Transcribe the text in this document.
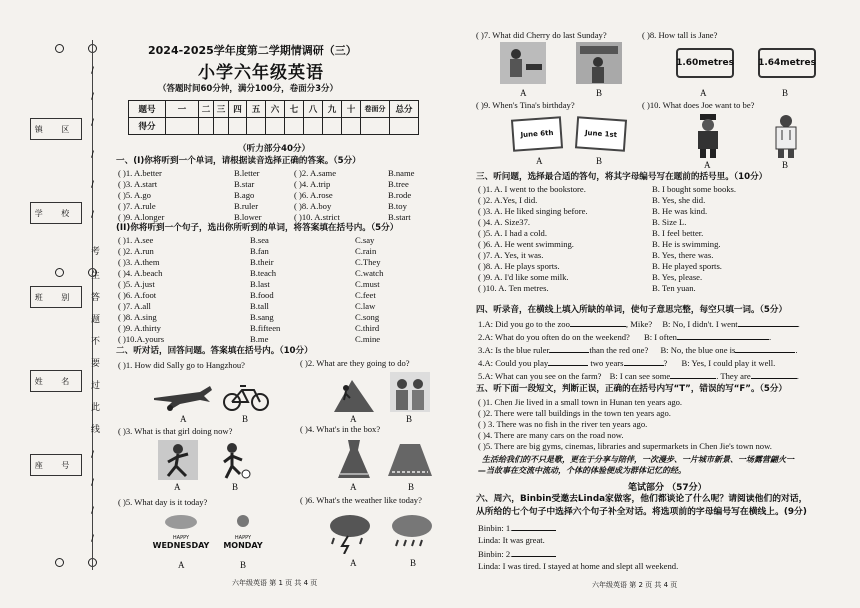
镇 区
学 校
班 别
姓 名
座 号
/
/
/
/
/
/
考
生
答
题
不
要
过
此
线
/
/
/
/
2024-2025学年度第二学期情调研（三）
小学六年级英语
（答题时间60分钟，满分100分，卷面分3分）
题号	一	二	三	四	五	六	七	八	九	十	卷面分	总分
得分												
（听力部分40分）
一、(I)你将听到一个单词，请根据读音选择正确的答案。（5分）
( )1. A.better	B.letter	( )2. A.same	B.name
( )3. A.start	B.star	( )4. A.trip	B.tree
( )5. A.go	B.ago	( )6. A.rose	B.rode
( )7. A.rule	B.ruler	( )8. A.boy	B.toy
( )9. A.longer	B.lower	( )10. A.strict	B.start
(II)你将听到一个句子，选出你所听到的单词，将答案填在括号内。（5分）
( )1. A.see	B.sea	C.say
( )2. A.run	B.fan	C.rain
( )3. A.them	B.their	C.They
( )4. A.beach	B.teach	C.watch
( )5. A.just	B.last	C.must
( )6. A.foot	B.food	C.feet
( )7. A.all	B.tall	C.law
( )8. A.sing	B.sang	C.song
( )9. A.thirty	B.fifteen	C.third
( )10.A.yours	B.me	C.mine
二、听对话，回答问题。答案填在括号内。（10分）
( )1. How did Sally go to Hangzhou?	( )2. What are they going to do?
A	B	A	B
( )3. What is that girl doing now?	( )4. What's in the box?
A	B	A	B
( )5. What day is it today?	( )6. What's the weather like today?
HAPPY
WEDNESDAY
HAPPY
MONDAY
A	B	A	B
六年级英语 第 1 页 共 4 页
( )7. What did Cherry do last Sunday?	( )8. How tall is Jane?
A	B
1.60metres	1.64metres
A	B
( )9. When's Tina's birthday?	( )10. What does Joe want to be?
June 6th	June 1st
A	B	A	B
三、听问题，选择最合适的答句，将其字母编号写在题前的括号里。（10分）
( )1. A. I went to the bookstore.	B. I bought some books.
( )2. A.Yes, I did.	B. Yes, she did.
( )3. A. He liked singing before.	B. He was kind.
( )4. A. Size37.	B. Size L.
( )5. A. I had a cold.	B. I feel better.
( )6. A. He went swimming.	B. He is swimming.
( )7. A. Yes, it was.	B. Yes, there was.
( )8. A. He plays sports.	B. He played sports.
( )9. A. I'd like some milk.	B. Yes, please.
( )10. A. Ten metres.	B. Ten yuan.
四、听录音，在横线上填入所缺的单词，使句子意思完整，每空只填一词。（5分）
1.A: Did you go to the zoo	, Mike? B: No, I didn't. I went	.
2.A: What do you often do on the weekend? B: I often	.
3.A: Is the blue ruler	than the red one? B: No, the blue one is	.
4.A: Could you play	two years	? B: Yes, I could play it well.
5.A: What can you see on the farm? B: I can see some	. They are	.
五、听下面一段短文，判断正误，正确的在括号内写“T”，错误的写“F”。（5分）
( )1. Chen Jie lived in a small town in Hunan ten years ago.
( )2. There were tall buildings in the town ten years ago.
( ) 3. There was no fish in the river ten years ago.
( )4. There are many cars on the road now.
( )5. There are big gyms, cinemas, libraries and supermarkets in Chen Jie's town now.
生活给我们的不只是歌，更在于分享与陪伴，一次漫步、一片城市新景、一场露营翩火一
—当故事在交流中流动，个体的体验便成为群体记忆的经。
笔试部分 （57分）
六、周六，Binbin受邀去Linda家做客，他们都谈论了什么呢？请阅读他们的对话，
从所给的七个句子中选择六个句子补全对话。将选项前的字母编号写在横线上。(9分)
Binbin: 1.
Linda: It was great.
Binbin: 2.
Linda: I was tired. I stayed at home and slept all weekend.
六年级英语 第 2 页 共 4 页
